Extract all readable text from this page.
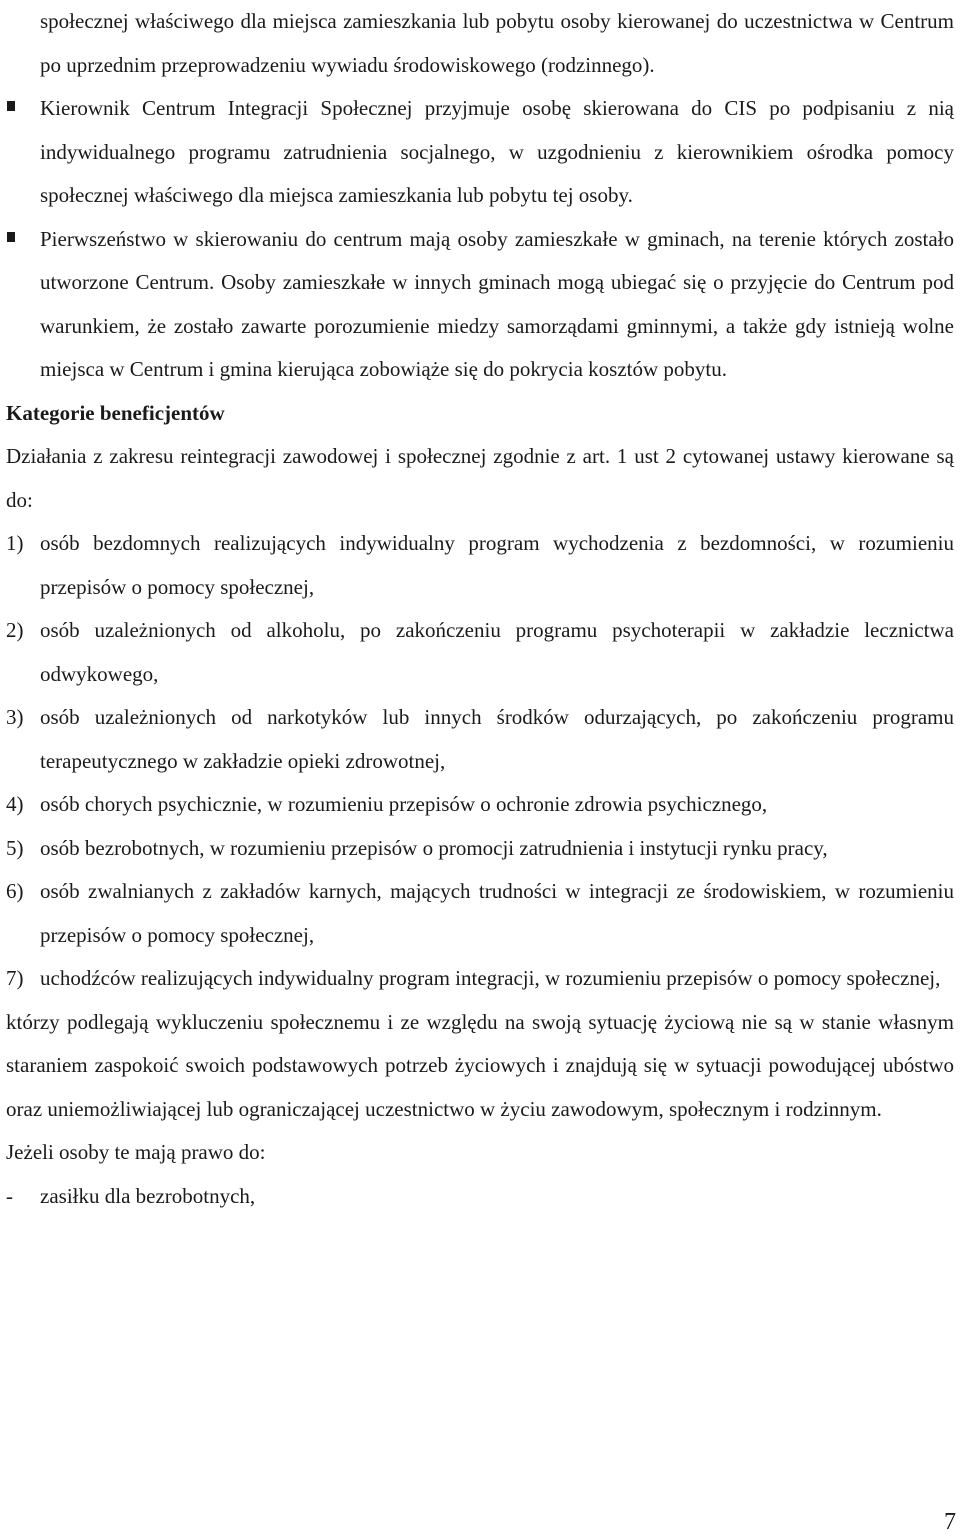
społecznej właściwego dla miejsca zamieszkania lub pobytu osoby kierowanej do uczestnictwa w Centrum po uprzednim przeprowadzeniu wywiadu środowiskowego (rodzinnego).
Kierownik Centrum Integracji Społecznej przyjmuje osobę skierowana do CIS po podpisaniu z nią indywidualnego programu zatrudnienia socjalnego, w uzgodnieniu z kierownikiem ośrodka pomocy społecznej właściwego dla miejsca zamieszkania lub pobytu tej osoby.
Pierwszeństwo w skierowaniu do centrum mają osoby zamieszkałe w gminach, na terenie których zostało utworzone Centrum. Osoby zamieszkałe w innych gminach mogą ubiegać się o przyjęcie do Centrum pod warunkiem, że zostało zawarte porozumienie miedzy samorządami gminnymi, a także gdy istnieją wolne miejsca w Centrum i gmina kierująca zobowiąże się do pokrycia kosztów pobytu.
Kategorie beneficjentów
Działania z zakresu reintegracji zawodowej i społecznej zgodnie z art. 1 ust 2 cytowanej ustawy kierowane są do:
1) osób bezdomnych realizujących indywidualny program wychodzenia z bezdomności, w rozumieniu przepisów o pomocy społecznej,
2) osób uzależnionych od alkoholu, po zakończeniu programu psychoterapii w zakładzie lecznictwa odwykowego,
3) osób uzależnionych od narkotyków lub innych środków odurzających, po zakończeniu programu terapeutycznego w zakładzie opieki zdrowotnej,
4) osób chorych psychicznie, w rozumieniu przepisów o ochronie zdrowia psychicznego,
5) osób bezrobotnych, w rozumieniu przepisów o promocji zatrudnienia i instytucji rynku pracy,
6) osób zwalnianych z zakładów karnych, mających trudności w integracji ze środowiskiem, w rozumieniu przepisów o pomocy społecznej,
7) uchodźców realizujących indywidualny program integracji, w rozumieniu przepisów o pomocy społecznej,
którzy podlegają wykluczeniu społecznemu i ze względu na swoją sytuację życiową nie są w stanie własnym staraniem zaspokoić swoich podstawowych potrzeb życiowych i znajdują się w sytuacji powodującej ubóstwo oraz uniemożliwiającej lub ograniczającej uczestnictwo w życiu zawodowym, społecznym i rodzinnym.
Jeżeli osoby te mają prawo do:
- zasiłku dla bezrobotnych,
7
